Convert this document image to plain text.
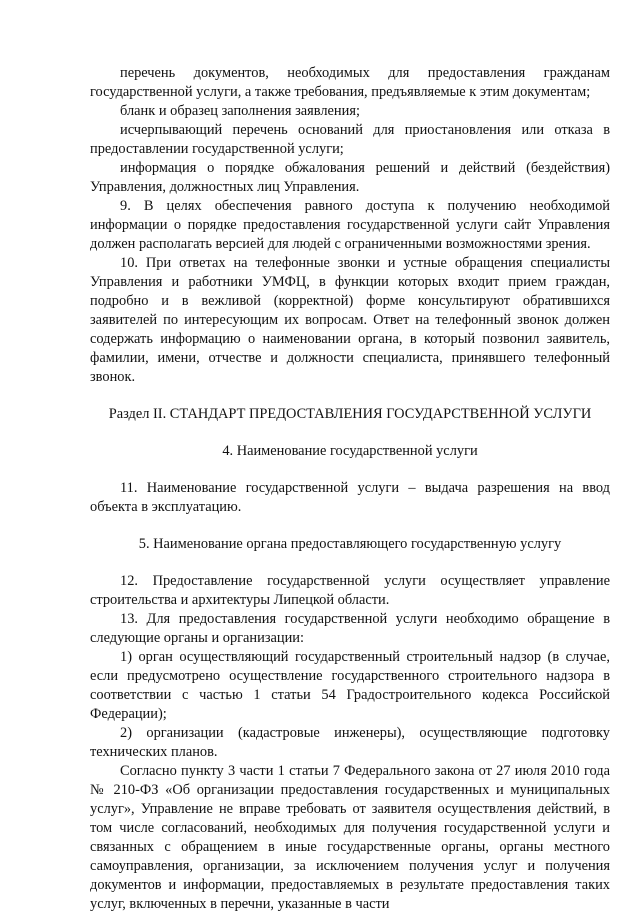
перечень документов, необходимых для предоставления гражданам государственной услуги, а также требования, предъявляемые к этим документам;

бланк и образец заполнения заявления;

исчерпывающий перечень оснований для приостановления или отказа в предоставлении государственной услуги;

информация о порядке обжалования решений и действий (бездействия) Управления, должностных лиц Управления.

9. В целях обеспечения равного доступа к получению необходимой информации о порядке предоставления государственной услуги сайт Управления должен располагать версией для людей с ограниченными возможностями зрения.

10. При ответах на телефонные звонки и устные обращения специалисты Управления и работники УМФЦ, в функции которых входит прием граждан, подробно и в вежливой (корректной) форме консультируют обратившихся заявителей по интересующим их вопросам. Ответ на телефонный звонок должен содержать информацию о наименовании органа, в который позвонил заявитель, фамилии, имени, отчестве и должности специалиста, принявшего телефонный звонок.

Раздел II. СТАНДАРТ ПРЕДОСТАВЛЕНИЯ ГОСУДАРСТВЕННОЙ УСЛУГИ
4. Наименование государственной услуги

11. Наименование государственной услуги – выдача разрешения на ввод объекта в эксплуатацию.

5. Наименование органа предоставляющего государственную услугу

12. Предоставление государственной услуги осуществляет управление строительства и архитектуры Липецкой области.

13. Для предоставления государственной услуги необходимо обращение в следующие органы и организации:

1) орган осуществляющий государственный строительный надзор (в случае, если предусмотрено осуществление государственного строительного надзора в соответствии с частью 1 статьи 54 Градостроительного кодекса Российской Федерации);

2) организации (кадастровые инженеры), осуществляющие подготовку технических планов.

Согласно пункту 3 части 1 статьи 7 Федерального закона от 27 июля 2010 года № 210-ФЗ «Об организации предоставления государственных и муниципальных услуг», Управление не вправе требовать от заявителя осуществления действий, в том числе согласований, необходимых для получения государственной услуги и связанных с обращением в иные государственные органы, органы местного самоуправления, организации, за исключением получения услуг и получения документов и информации, предоставляемых в результате предоставления таких услуг, включенных в перечни, указанные в части
